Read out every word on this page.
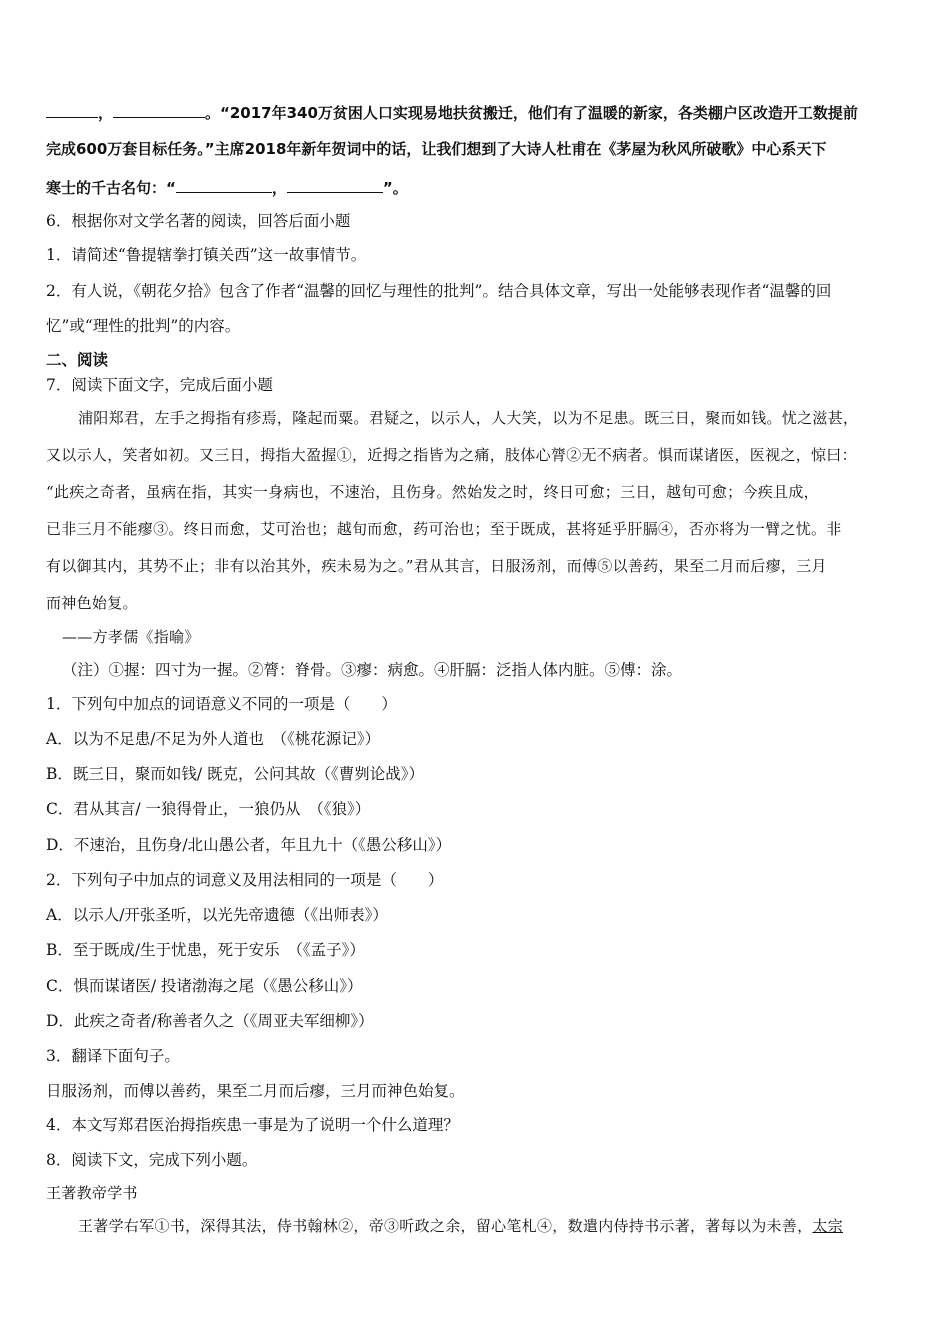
，	。“2017年340万贫困人口实现易地扶贫搬迁，他们有了温暖的新家，各类棚户区改造开工数提前
完成600万套目标任务。”主席2018年新年贺词中的话，让我们想到了大诗人杜甫在《茅屋为秋风所破歌》中心系天下
寒士的千古名句：“	，	”。
6．根据你对文学名著的阅读，回答后面小题
1．请简述“鲁提辖拳打镇关西”这一故事情节。
2．有人说，《朝花夕拾》包含了作者“温馨的回忆与理性的批判”。结合具体文章，写出一处能够表现作者“温馨的回
忆”或“理性的批判”的内容。
二、阅读
7．阅读下面文字，完成后面小题
浦阳郑君，左手之拇指有疹焉，隆起而粟。君疑之，以示人，人大笑，以为不足患。既三日，聚而如钱。忧之滋甚，
又以示人，笑者如初。又三日，拇指大盈握①，近拇之指皆为之痛，肢体心膂②无不病者。惧而谋诸医，医视之，惊曰：
“此疾之奇者，虽病在指，其实一身病也，不速治，且伤身。然始发之时，终日可愈；三日，越旬可愈；今疾且成，
已非三月不能瘳③。终日而愈，艾可治也；越旬而愈，药可治也；至于既成，甚将延乎肝膈④，否亦将为一臂之忧。非
有以御其内，其势不止；非有以治其外，疾未易为之。”君从其言，日服汤剂，而傅⑤以善药，果至二月而后瘳，三月
而神色始复。
——方孝儒《指喻》
（注）①握：四寸为一握。②膂：脊骨。③瘳：病愈。④肝膈：泛指人体内脏。⑤傅：涂。
1．下列句中加点的词语意义不同的一项是（　　）
A．以为不足患/不足为外人道也　（《桃花源记》）
B．既三日，聚而如钱/ 既克，公问其故（《曹刿论战》）
C．君从其言/ 一狼得骨止，一狼仍从　（《狼》）
D．不速治，且伤身/北山愚公者，年且九十（《愚公移山》）
2．下列句子中加点的词意义及用法相同的一项是（　　）
A．以示人/开张圣听，以光先帝遗德（《出师表》）
B．至于既成/生于忧患，死于安乐　（《孟子》）
C．惧而谋诸医/ 投诸渤海之尾（《愚公移山》）
D．此疾之奇者/称善者久之（《周亚夫军细柳》）
3．翻译下面句子。
日服汤剂，而傅以善药，果至二月而后瘳，三月而神色始复。
4．本文写郑君医治拇指疾患一事是为了说明一个什么道理？
8．阅读下文，完成下列小题。
王著教帝学书
王著学右军①书，深得其法，侍书翰林②，帝③听政之余，留心笔札④，数遣内侍持书示著，著每以为未善，太宗
